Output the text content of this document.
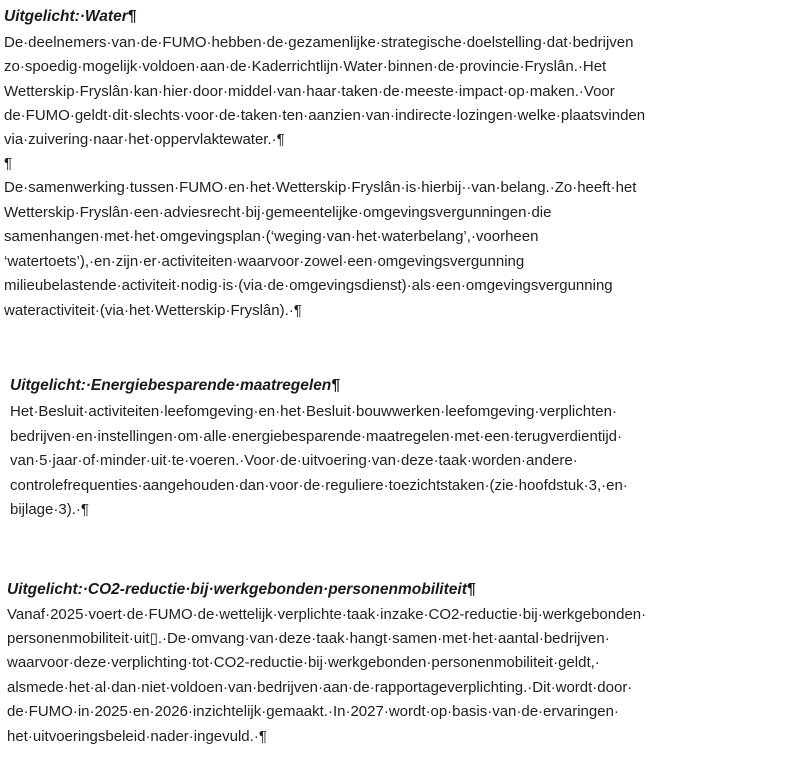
Uitgelicht:·Water¶
De·deelnemers·van·de·FUMO·hebben·de·gezamenlijke·strategische·doelstelling·dat·bedrijven
zo·spoedig·mogelijk·voldoen·aan·de·Kaderrichtlijn·Water·binnen·de·provincie·Fryslân.·Het
Wetterskip·Fryslân·kan·hier·door·middel·van·haar·taken·de·meeste·impact·op·maken.·Voor
de·FUMO·geldt·dit·slechts·voor·de·taken·ten·aanzien·van·indirecte·lozingen·welke·plaatsvinden
via·zuivering·naar·het·oppervlaktewater.·¶
¶
De·samenwerking·tussen·FUMO·en·het·Wetterskip·Fryslân·is·hierbij··van·belang.·Zo·heeft·het
Wetterskip·Fryslân·een·adviesrecht·bij·gemeentelijke·omgevingsvergunningen·die
samenhangen·met·het·omgevingsplan·(‘weging·van·het·waterbelang’,·voorheen
‘watertoets’),·en·zijn·er·activiteiten·waarvoor·zowel·een·omgevingsvergunning
milieubelastende·activiteit·nodig·is·(via·de·omgevingsdienst)·als·een·omgevingsvergunning
wateractiviteit·(via·het·Wetterskip·Fryslân).·¶
Uitgelicht:·Energiebesparende·maatregelen¶
Het·Besluit·activiteiten·leefomgeving·en·het·Besluit·bouwwerken·leefomgeving·verplichten·
bedrijven·en·instellingen·om·alle·energiebesparende·maatregelen·met·een·terugverdientijd·
van·5·jaar·of·minder·uit·te·voeren.·Voor·de·uitvoering·van·deze·taak·worden·andere·
controlefrequenties·aangehouden·dan·voor·de·reguliere·toezichtstaken·(zie·hoofdstuk·3,·en·
bijlage·3).·¶
Uitgelicht:·CO2-reductie·bij·werkgebonden·personenmobiliteit¶
Vanaf·2025·voert·de·FUMO·de·wettelijk·verplichte·taak·inzake·CO2-reductie·bij·werkgebonden·
personenmobiliteit·uit▯.·De·omvang·van·deze·taak·hangt·samen·met·het·aantal·bedrijven·
waarvoor·deze·verplichting·tot·CO2-reductie·bij·werkgebonden·personenmobiliteit·geldt,·
alsmede·het·al·dan·niet·voldoen·van·bedrijven·aan·de·rapportageverplichting.·Dit·wordt·door·
de·FUMO·in·2025·en·2026·inzichtelijk·gemaakt.·In·2027·wordt·op·basis·van·de·ervaringen·
het·uitvoeringsbeleid·nader·ingevuld.·¶
